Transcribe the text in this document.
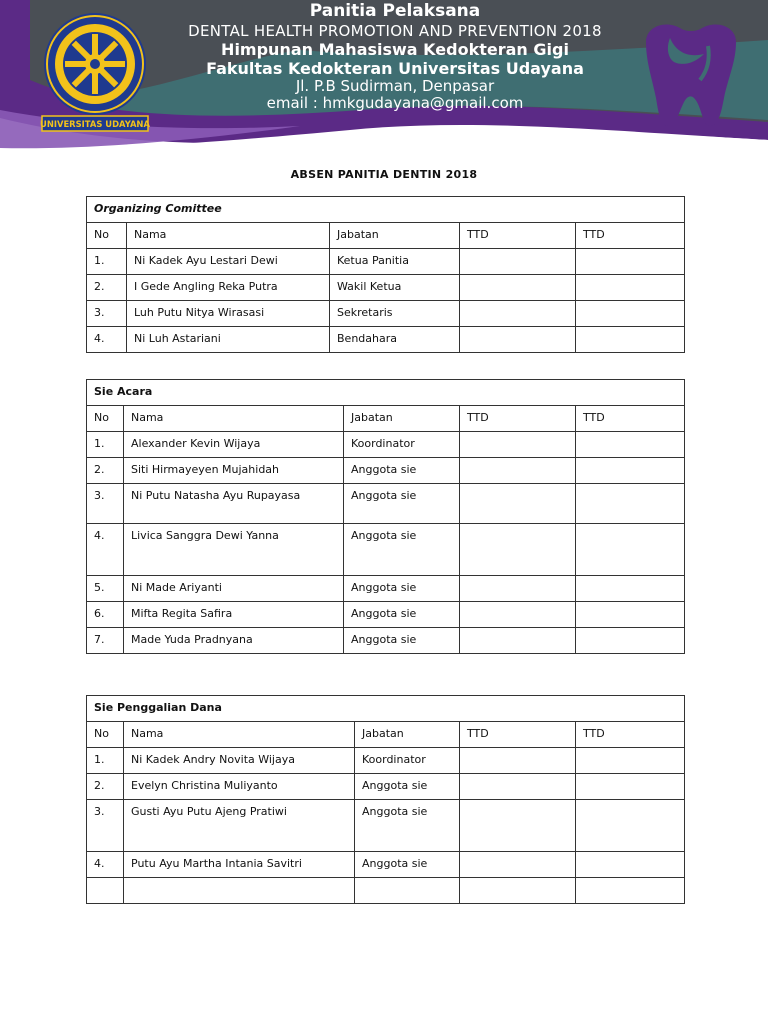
UNIVERSITAS UDAYANA
Panitia Pelaksana
DENTAL HEALTH PROMOTION AND PREVENTION 2018
Himpunan Mahasiswa Kedokteran Gigi
Fakultas Kedokteran Universitas Udayana
Jl. P.B Sudirman, Denpasar
email : hmkgudayana@gmail.com
ABSEN PANITIA DENTIN 2018
Organizing Comittee				
No	Nama	Jabatan	TTD	TTD
1.	Ni Kadek Ayu Lestari Dewi	Ketua Panitia		
2.	I Gede Angling Reka Putra	Wakil Ketua		
3.	Luh Putu Nitya Wirasasi	Sekretaris		
4.	Ni Luh Astariani	Bendahara		
Sie Acara				
No	Nama	Jabatan	TTD	TTD
1.	Alexander Kevin Wijaya	Koordinator		
2.	Siti Hirmayeyen Mujahidah	Anggota sie		
3.	Ni Putu Natasha Ayu Rupayasa	Anggota sie		
4.	Livica Sanggra Dewi Yanna	Anggota sie		
5.	Ni Made Ariyanti	Anggota sie		
6.	Mifta Regita Safira	Anggota sie		
7.	Made Yuda Pradnyana	Anggota sie		
Sie Penggalian Dana				
No	Nama	Jabatan	TTD	TTD
1.	Ni Kadek Andry Novita Wijaya	Koordinator		
2.	Evelyn Christina Muliyanto	Anggota sie		
3.	Gusti Ayu Putu Ajeng Pratiwi	Anggota sie		
4.	Putu Ayu Martha Intania Savitri	Anggota sie		
